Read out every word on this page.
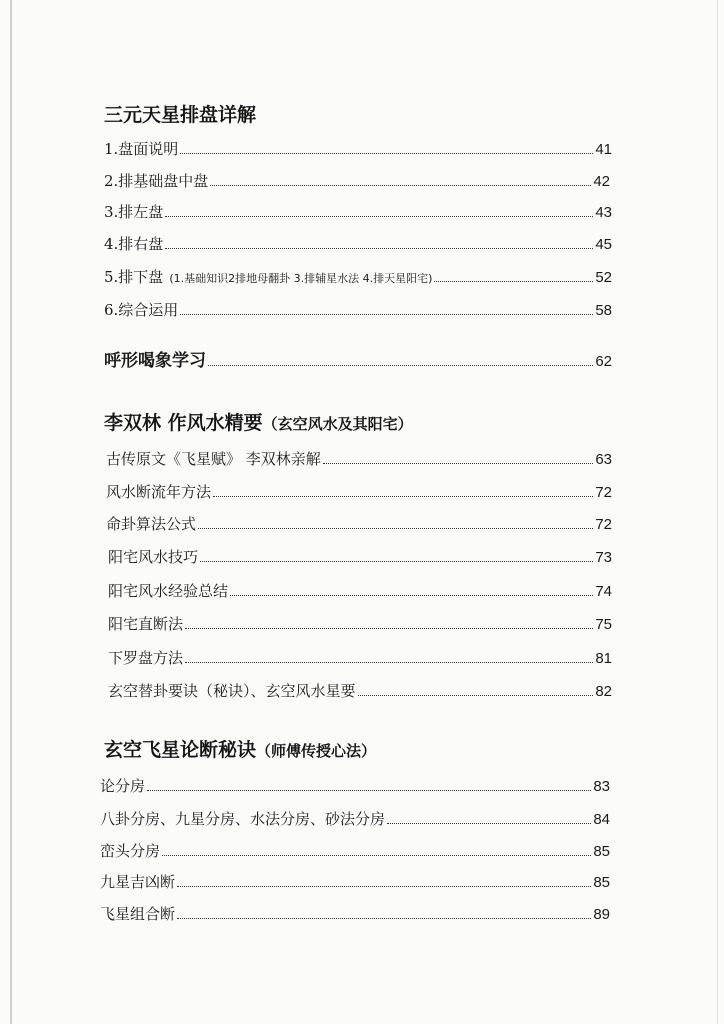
三元天星排盘详解
1.盘面说明	41
2.排基础盘中盘	42
3.排左盘	43
4.排右盘	45
5.排下盘 (1.基础知识2排地母翻卦 3.排辅星水法 4.排天星阳宅)	52
6.综合运用	58
呼形喝象学习	62
李双林 作风水精要（玄空风水及其阳宅）
古传原文《飞星赋》 李双林亲解	63
风水断流年方法	72
命卦算法公式	72
阳宅风水技巧	73
阳宅风水经验总结	74
阳宅直断法	75
下罗盘方法	81
玄空替卦要诀（秘诀）、玄空风水星要	82
玄空飞星论断秘诀（师傅传授心法）
论分房	83
八卦分房、九星分房、水法分房、砂法分房	84
峦头分房	85
九星吉凶断	85
飞星组合断	89
